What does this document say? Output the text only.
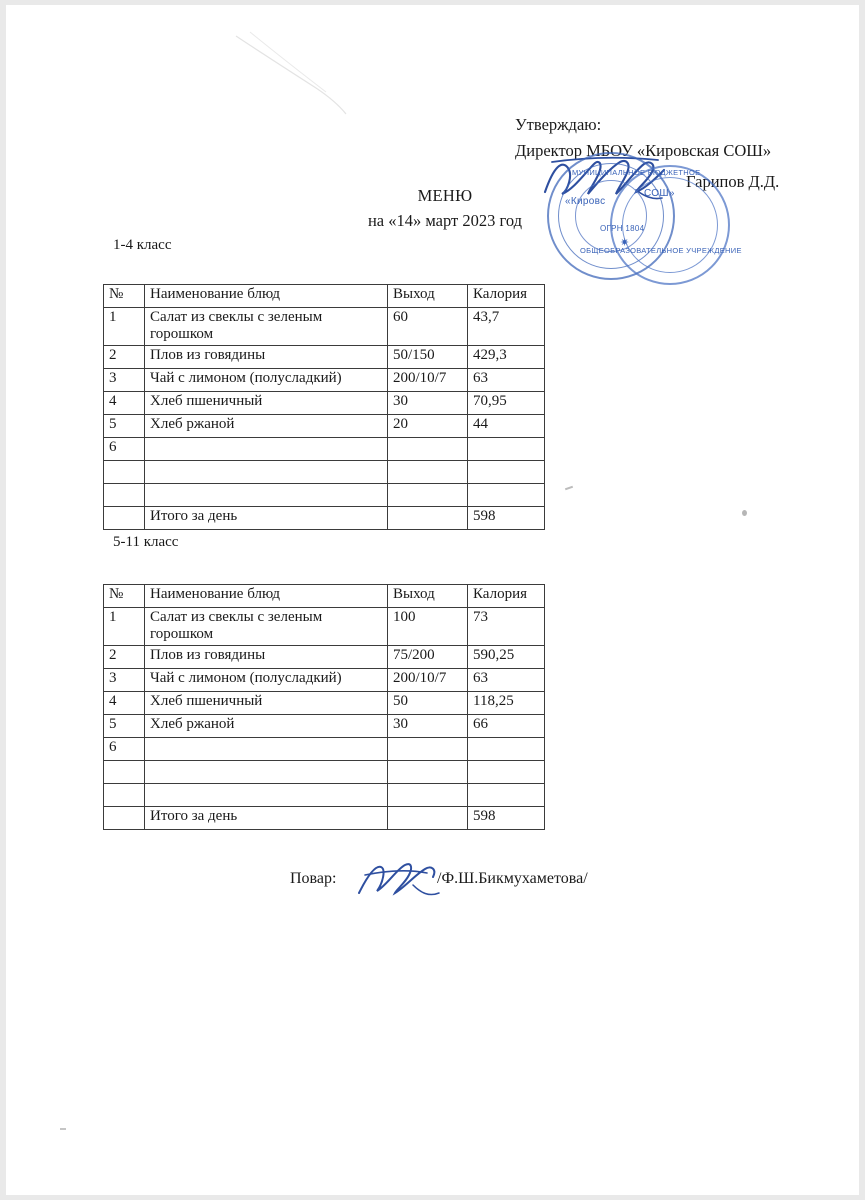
Утверждаю:
Директор МБОУ «Кировская СОШ»
Гарипов Д.Д.
МУНИЦИПАЛЬНОЕ БЮДЖЕТНОЕ
«Кировс
СОШ»
ОГРН 1804
ОБЩЕОБРАЗОВАТЕЛЬНОЕ УЧРЕЖДЕНИЕ
✷
МЕНЮ
на «14» март 2023 год
1-4 класс
№	Наименование блюд	Выход	Калория
1	Салат из свеклы с зеленым горошком	60	43,7
2	Плов из говядины	50/150	429,3
3	Чай с лимоном (полусладкий)	200/10/7	63
4	Хлеб пшеничный	30	70,95
5	Хлеб ржаной	20	44
6			

	Итого за день		598
5-11 класс
№	Наименование блюд	Выход	Калория
1	Салат из свеклы с зеленым горошком	100	73
2	Плов из говядины	75/200	590,25
3	Чай с лимоном (полусладкий)	200/10/7	63
4	Хлеб пшеничный	50	118,25
5	Хлеб ржаной	30	66
6			

	Итого за день		598
Повар:	/Ф.Ш.Бикмухаметова/
